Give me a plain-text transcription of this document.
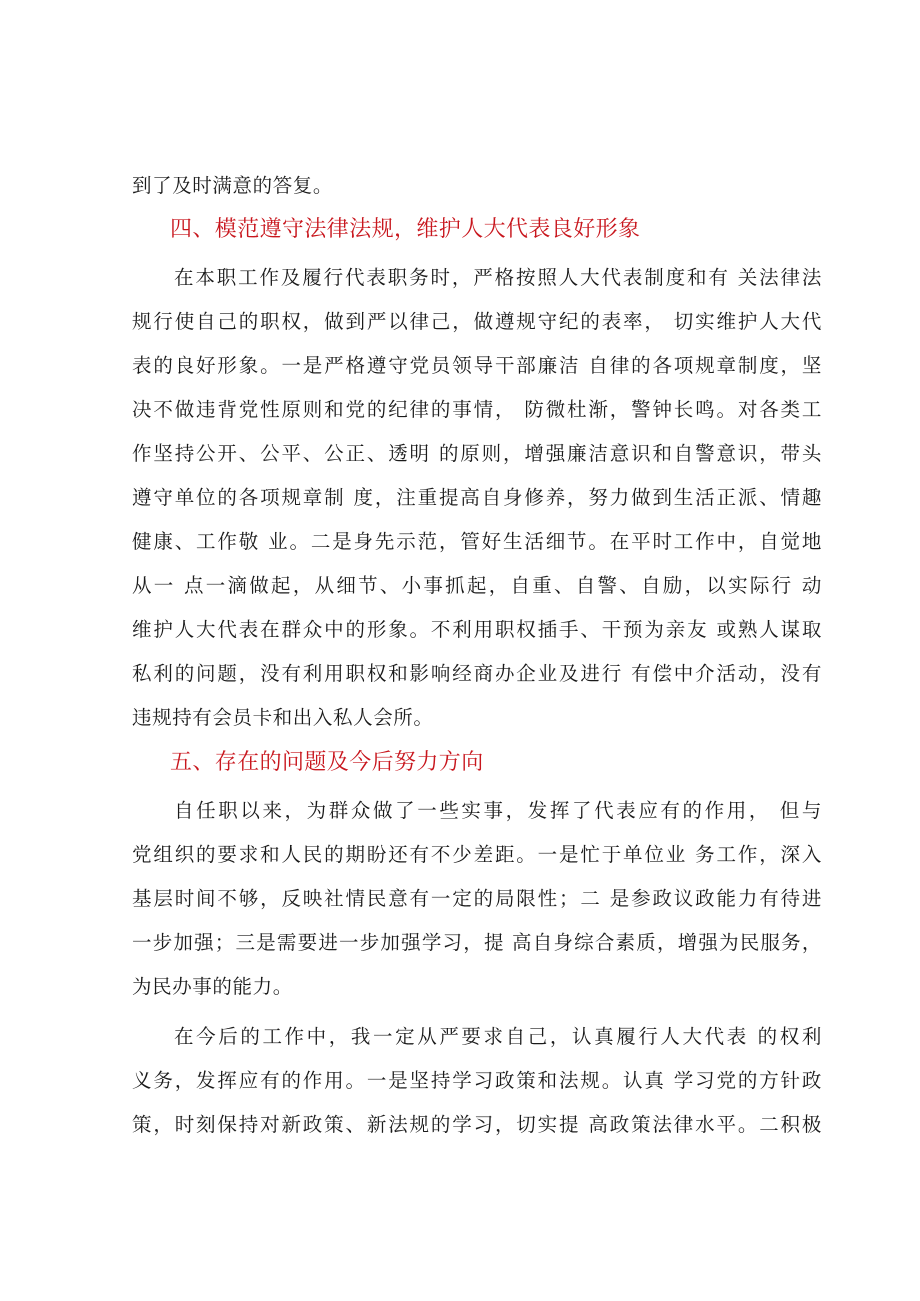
到了及时满意的答复。
四、模范遵守法律法规，维护人大代表良好形象
在本职工作及履行代表职务时，严格按照人大代表制度和有 关法律法
规行使自己的职权，做到严以律己，做遵规守纪的表率， 切实维护人大代
表的良好形象。一是严格遵守党员领导干部廉洁 自律的各项规章制度，坚
决不做违背党性原则和党的纪律的事情， 防微杜渐，警钟长鸣。对各类工
作坚持公开、公平、公正、透明 的原则，增强廉洁意识和自警意识，带头
遵守单位的各项规章制 度，注重提高自身修养，努力做到生活正派、情趣
健康、工作敬 业。二是身先示范，管好生活细节。在平时工作中，自觉地
从一 点一滴做起，从细节、小事抓起，自重、自警、自励，以实际行 动
维护人大代表在群众中的形象。不利用职权插手、干预为亲友 或熟人谋取
私利的问题，没有利用职权和影响经商办企业及进行 有偿中介活动，没有
违规持有会员卡和出入私人会所。
五、存在的问题及今后努力方向
自任职以来，为群众做了一些实事，发挥了代表应有的作用， 但与
党组织的要求和人民的期盼还有不少差距。一是忙于单位业 务工作，深入
基层时间不够，反映社情民意有一定的局限性；二 是参政议政能力有待进
一步加强；三是需要进一步加强学习，提 高自身综合素质，增强为民服务，
为民办事的能力。
在今后的工作中，我一定从严要求自己，认真履行人大代表 的权利
义务，发挥应有的作用。一是坚持学习政策和法规。认真 学习党的方针政
策，时刻保持对新政策、新法规的学习，切实提 高政策法律水平。二积极
